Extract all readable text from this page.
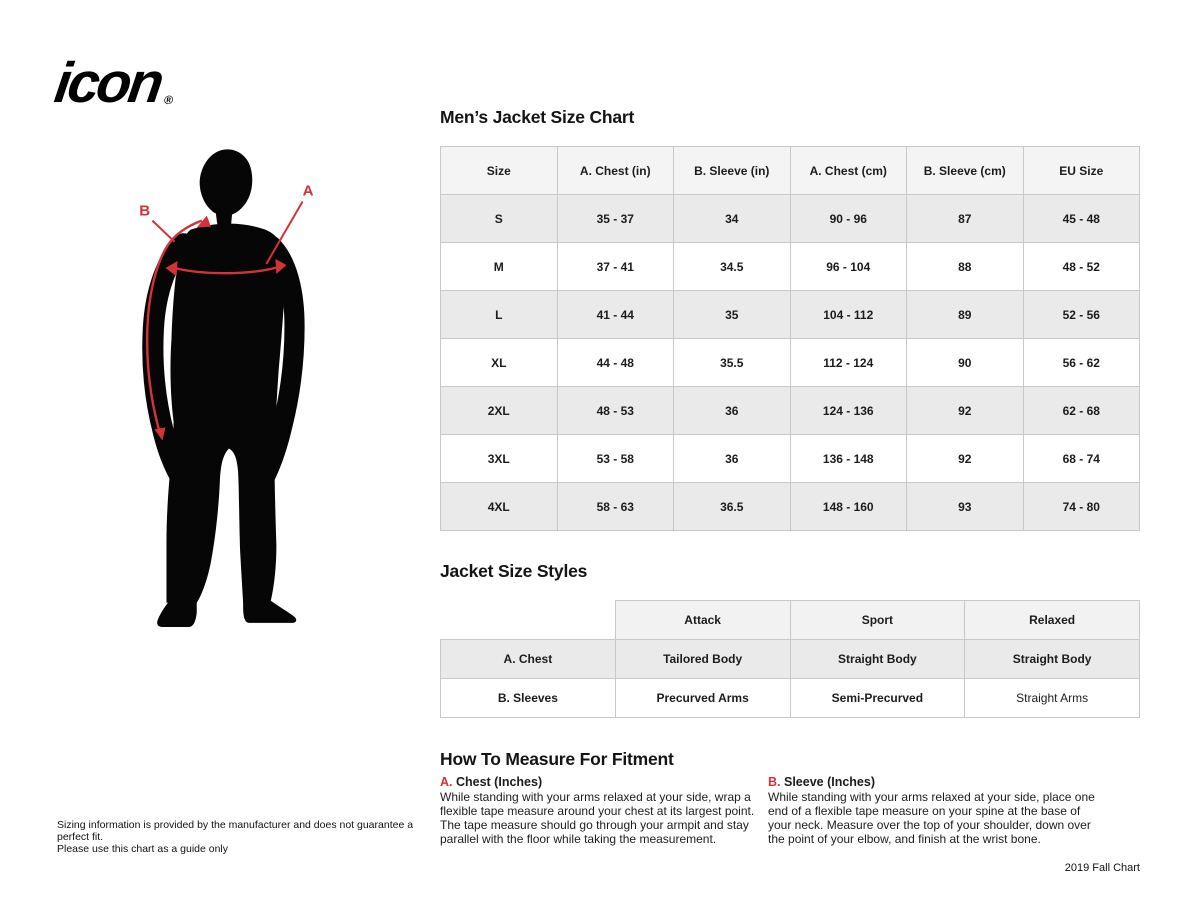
icon®
A
B
Men’s Jacket Size Chart
Size	A. Chest (in)	B. Sleeve (in)	A. Chest (cm)	B. Sleeve (cm)	EU Size
S	35 - 37	34	90 - 96	87	45 - 48
M	37 - 41	34.5	96 - 104	88	48 - 52
L	41 - 44	35	104 - 112	89	52 - 56
XL	44 - 48	35.5	112 - 124	90	56 - 62
2XL	48 - 53	36	124 - 136	92	62 - 68
3XL	53 - 58	36	136 - 148	92	68 - 74
4XL	58 - 63	36.5	148 - 160	93	74 - 80
Jacket Size Styles
	Attack	Sport	Relaxed
A. Chest	Tailored Body	Straight Body	Straight Body
B. Sleeves	Precurved Arms	Semi-Precurved	Straight Arms
How To Measure For Fitment
A. Chest (Inches)
While standing with your arms relaxed at your side, wrap a flexible tape measure around your chest at its largest point. The tape measure should go through your armpit and stay parallel with the floor while taking the measurement.
B. Sleeve (Inches)
While standing with your arms relaxed at your side, place one end of a flexible tape measure on your spine at the base of your neck. Measure over the top of your shoulder, down over the point of your elbow, and finish at the wrist bone.
Sizing information is provided by the manufacturer and does not guarantee a perfect fit.
Please use this chart as a guide only
2019 Fall Chart
